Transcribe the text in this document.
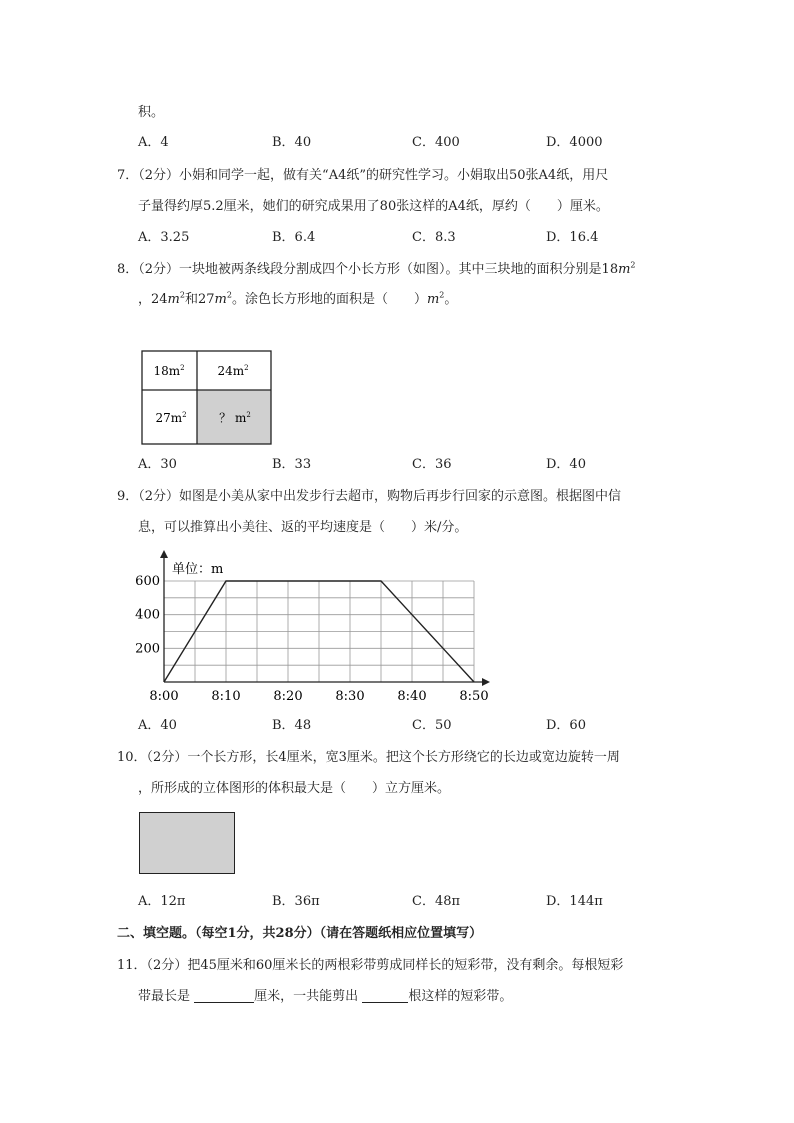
积。
A．4	B．40	C．400	D．4000
7．（2分）小娟和同学一起，做有关“A4纸”的研究性学习。小娟取出50张A4纸，用尺
子量得约厚5.2厘米，她们的研究成果用了80张这样的A4纸，厚约（　　）厘米。
A．3.25	B．6.4	C．8.3	D．16.4
8．（2分）一块地被两条线段分割成四个小长方形（如图）。其中三块地的面积分别是$18m^2$
，$24m^2$和$27m^2$。涂色长方形地的面积是（　　）$m^2$。
$18m^2$	$24m^2$
$27m^2$	？ $m^2$
A．30	B．33	C．36	D．40
9．（2分）如图是小美从家中出发步行去超市，购物后再步行回家的示意图。根据图中信
息，可以推算出小美往、返的平均速度是（　　）米/分。
单位：m
200
400
600
8:00	8:10	8:20	8:30	8:40	8:50
A．40	B．48	C．50	D．60
10．（2分）一个长方形，长4厘米，宽3厘米。把这个长方形绕它的长边或宽边旋转一周
，所形成的立体图形的体积最大是（　　）立方厘米。
A．12π	B．36π	C．48π	D．144π
二、填空题。（每空1分，共28分）（请在答题纸相应位置填写）
11．（2分）把45厘米和60厘米长的两根彩带剪成同样长的短彩带，没有剩余。每根短彩
带最长是	厘米，一共能剪出	根这样的短彩带。
